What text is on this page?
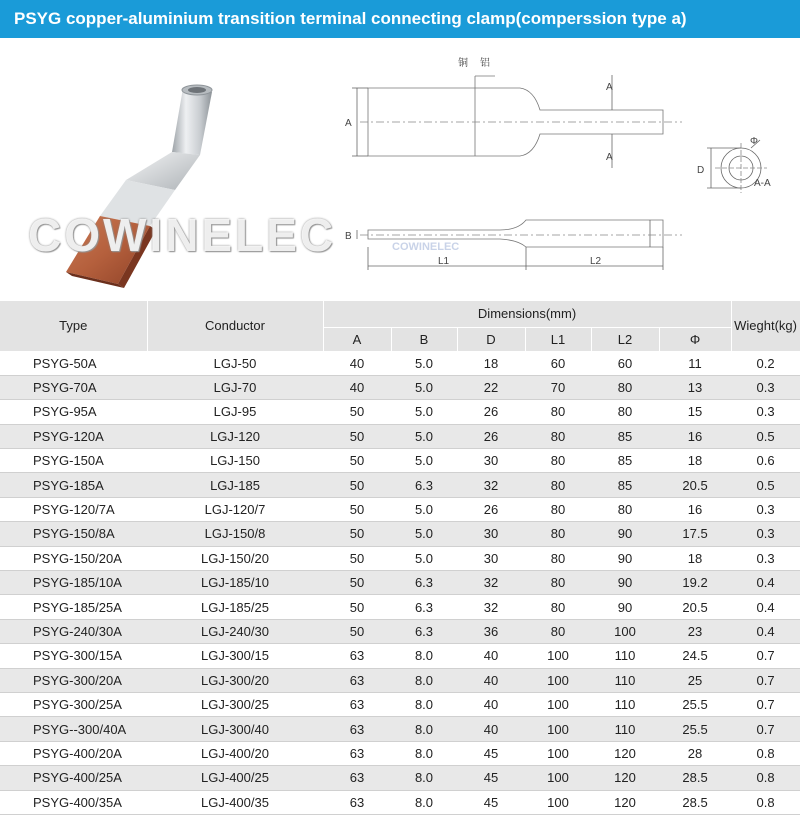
PSYG copper-aluminium transition terminal connecting clamp(comperssion type a)
COWINELEC
铜 铝
A
A
A
Φ
D
A-A
B
L1	L2
COWINELEC
Type	Conductor	Dimensions(mm)						Wieght(kg)
		A	B	D	L1	L2	Φ	
PSYG-50A	LGJ-50	40	5.0	18	60	60	11	0.2
PSYG-70A	LGJ-70	40	5.0	22	70	80	13	0.3
PSYG-95A	LGJ-95	50	5.0	26	80	80	15	0.3
PSYG-120A	LGJ-120	50	5.0	26	80	85	16	0.5
PSYG-150A	LGJ-150	50	5.0	30	80	85	18	0.6
PSYG-185A	LGJ-185	50	6.3	32	80	85	20.5	0.5
PSYG-120/7A	LGJ-120/7	50	5.0	26	80	80	16	0.3
PSYG-150/8A	LGJ-150/8	50	5.0	30	80	90	17.5	0.3
PSYG-150/20A	LGJ-150/20	50	5.0	30	80	90	18	0.3
PSYG-185/10A	LGJ-185/10	50	6.3	32	80	90	19.2	0.4
PSYG-185/25A	LGJ-185/25	50	6.3	32	80	90	20.5	0.4
PSYG-240/30A	LGJ-240/30	50	6.3	36	80	100	23	0.4
PSYG-300/15A	LGJ-300/15	63	8.0	40	100	110	24.5	0.7
PSYG-300/20A	LGJ-300/20	63	8.0	40	100	110	25	0.7
PSYG-300/25A	LGJ-300/25	63	8.0	40	100	110	25.5	0.7
PSYG--300/40A	LGJ-300/40	63	8.0	40	100	110	25.5	0.7
PSYG-400/20A	LGJ-400/20	63	8.0	45	100	120	28	0.8
PSYG-400/25A	LGJ-400/25	63	8.0	45	100	120	28.5	0.8
PSYG-400/35A	LGJ-400/35	63	8.0	45	100	120	28.5	0.8
